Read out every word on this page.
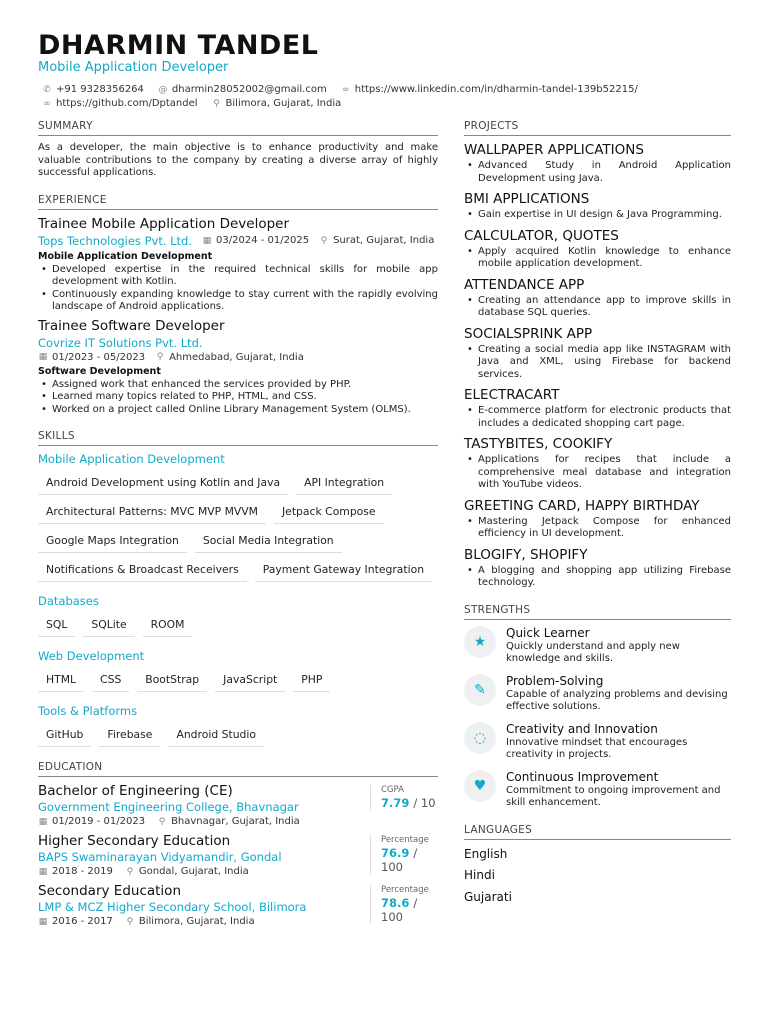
DHARMIN TANDEL
Mobile Application Developer
✆ +91 9328356264 @ dharmin28052002@gmail.com ∞ https://www.linkedin.com/in/dharmin-tandel-139b52215/
∞ https://github.com/Dptandel ⚲ Bilimora, Gujarat, India
SUMMARY
As a developer, the main objective is to enhance productivity and make valuable contributions to the company by creating a diverse array of highly successful applications.
EXPERIENCE
Trainee Mobile Application Developer
Tops Technologies Pvt. Ltd. ▦ 03/2024 - 01/2025 ⚲ Surat, Gujarat, India
Mobile Application Development
• Developed expertise in the required technical skills for mobile app development with Kotlin.
• Continuously expanding knowledge to stay current with the rapidly evolving landscape of Android applications.
Trainee Software Developer
Covrize IT Solutions Pvt. Ltd.
▦ 01/2023 - 05/2023 ⚲ Ahmedabad, Gujarat, India
Software Development
• Assigned work that enhanced the services provided by PHP.
• Learned many topics related to PHP, HTML, and CSS.
• Worked on a project called Online Library Management System (OLMS).
SKILLS
Mobile Application Development
Android Development using Kotlin and Java	API Integration
Architectural Patterns: MVC MVP MVVM	Jetpack Compose
Google Maps Integration	Social Media Integration
Notifications & Broadcast Receivers	Payment Gateway Integration
Databases
SQL	SQLite	ROOM
Web Development
HTML	CSS	BootStrap	JavaScript	PHP
Tools & Platforms
GitHub	Firebase	Android Studio
EDUCATION
Bachelor of Engineering (CE)
Government Engineering College, Bhavnagar
▦ 01/2019 - 01/2023 ⚲ Bhavnagar, Gujarat, India
CGPA
7.79 / 10
Higher Secondary Education
BAPS Swaminarayan Vidyamandir, Gondal
▦ 2018 - 2019 ⚲ Gondal, Gujarat, India
Percentage
76.9 / 100
Secondary Education
LMP & MCZ Higher Secondary School, Bilimora
▦ 2016 - 2017 ⚲ Bilimora, Gujarat, India
Percentage
78.6 / 100
PROJECTS
WALLPAPER APPLICATIONS
• Advanced Study in Android Application Development using Java.
BMI APPLICATIONS
• Gain expertise in UI design & Java Programming.
CALCULATOR, QUOTES
• Apply acquired Kotlin knowledge to enhance mobile application development.
ATTENDANCE APP
• Creating an attendance app to improve skills in database SQL queries.
SOCIALSPRINK APP
• Creating a social media app like INSTAGRAM with Java and XML, using Firebase for backend services.
ELECTRACART
• E-commerce platform for electronic products that includes a dedicated shopping cart page.
TASTYBITES, COOKIFY
• Applications for recipes that include a comprehensive meal database and integration with YouTube videos.
GREETING CARD, HAPPY BIRTHDAY
• Mastering Jetpack Compose for enhanced efficiency in UI development.
BLOGIFY, SHOPIFY
• A blogging and shopping app utilizing Firebase technology.
STRENGTHS
★
Quick Learner
Quickly understand and apply new knowledge and skills.
✎
Problem-Solving
Capable of analyzing problems and devising effective solutions.
◌
Creativity and Innovation
Innovative mindset that encourages creativity in projects.
♥
Continuous Improvement
Commitment to ongoing improvement and skill enhancement.
LANGUAGES
English
Hindi
Gujarati
